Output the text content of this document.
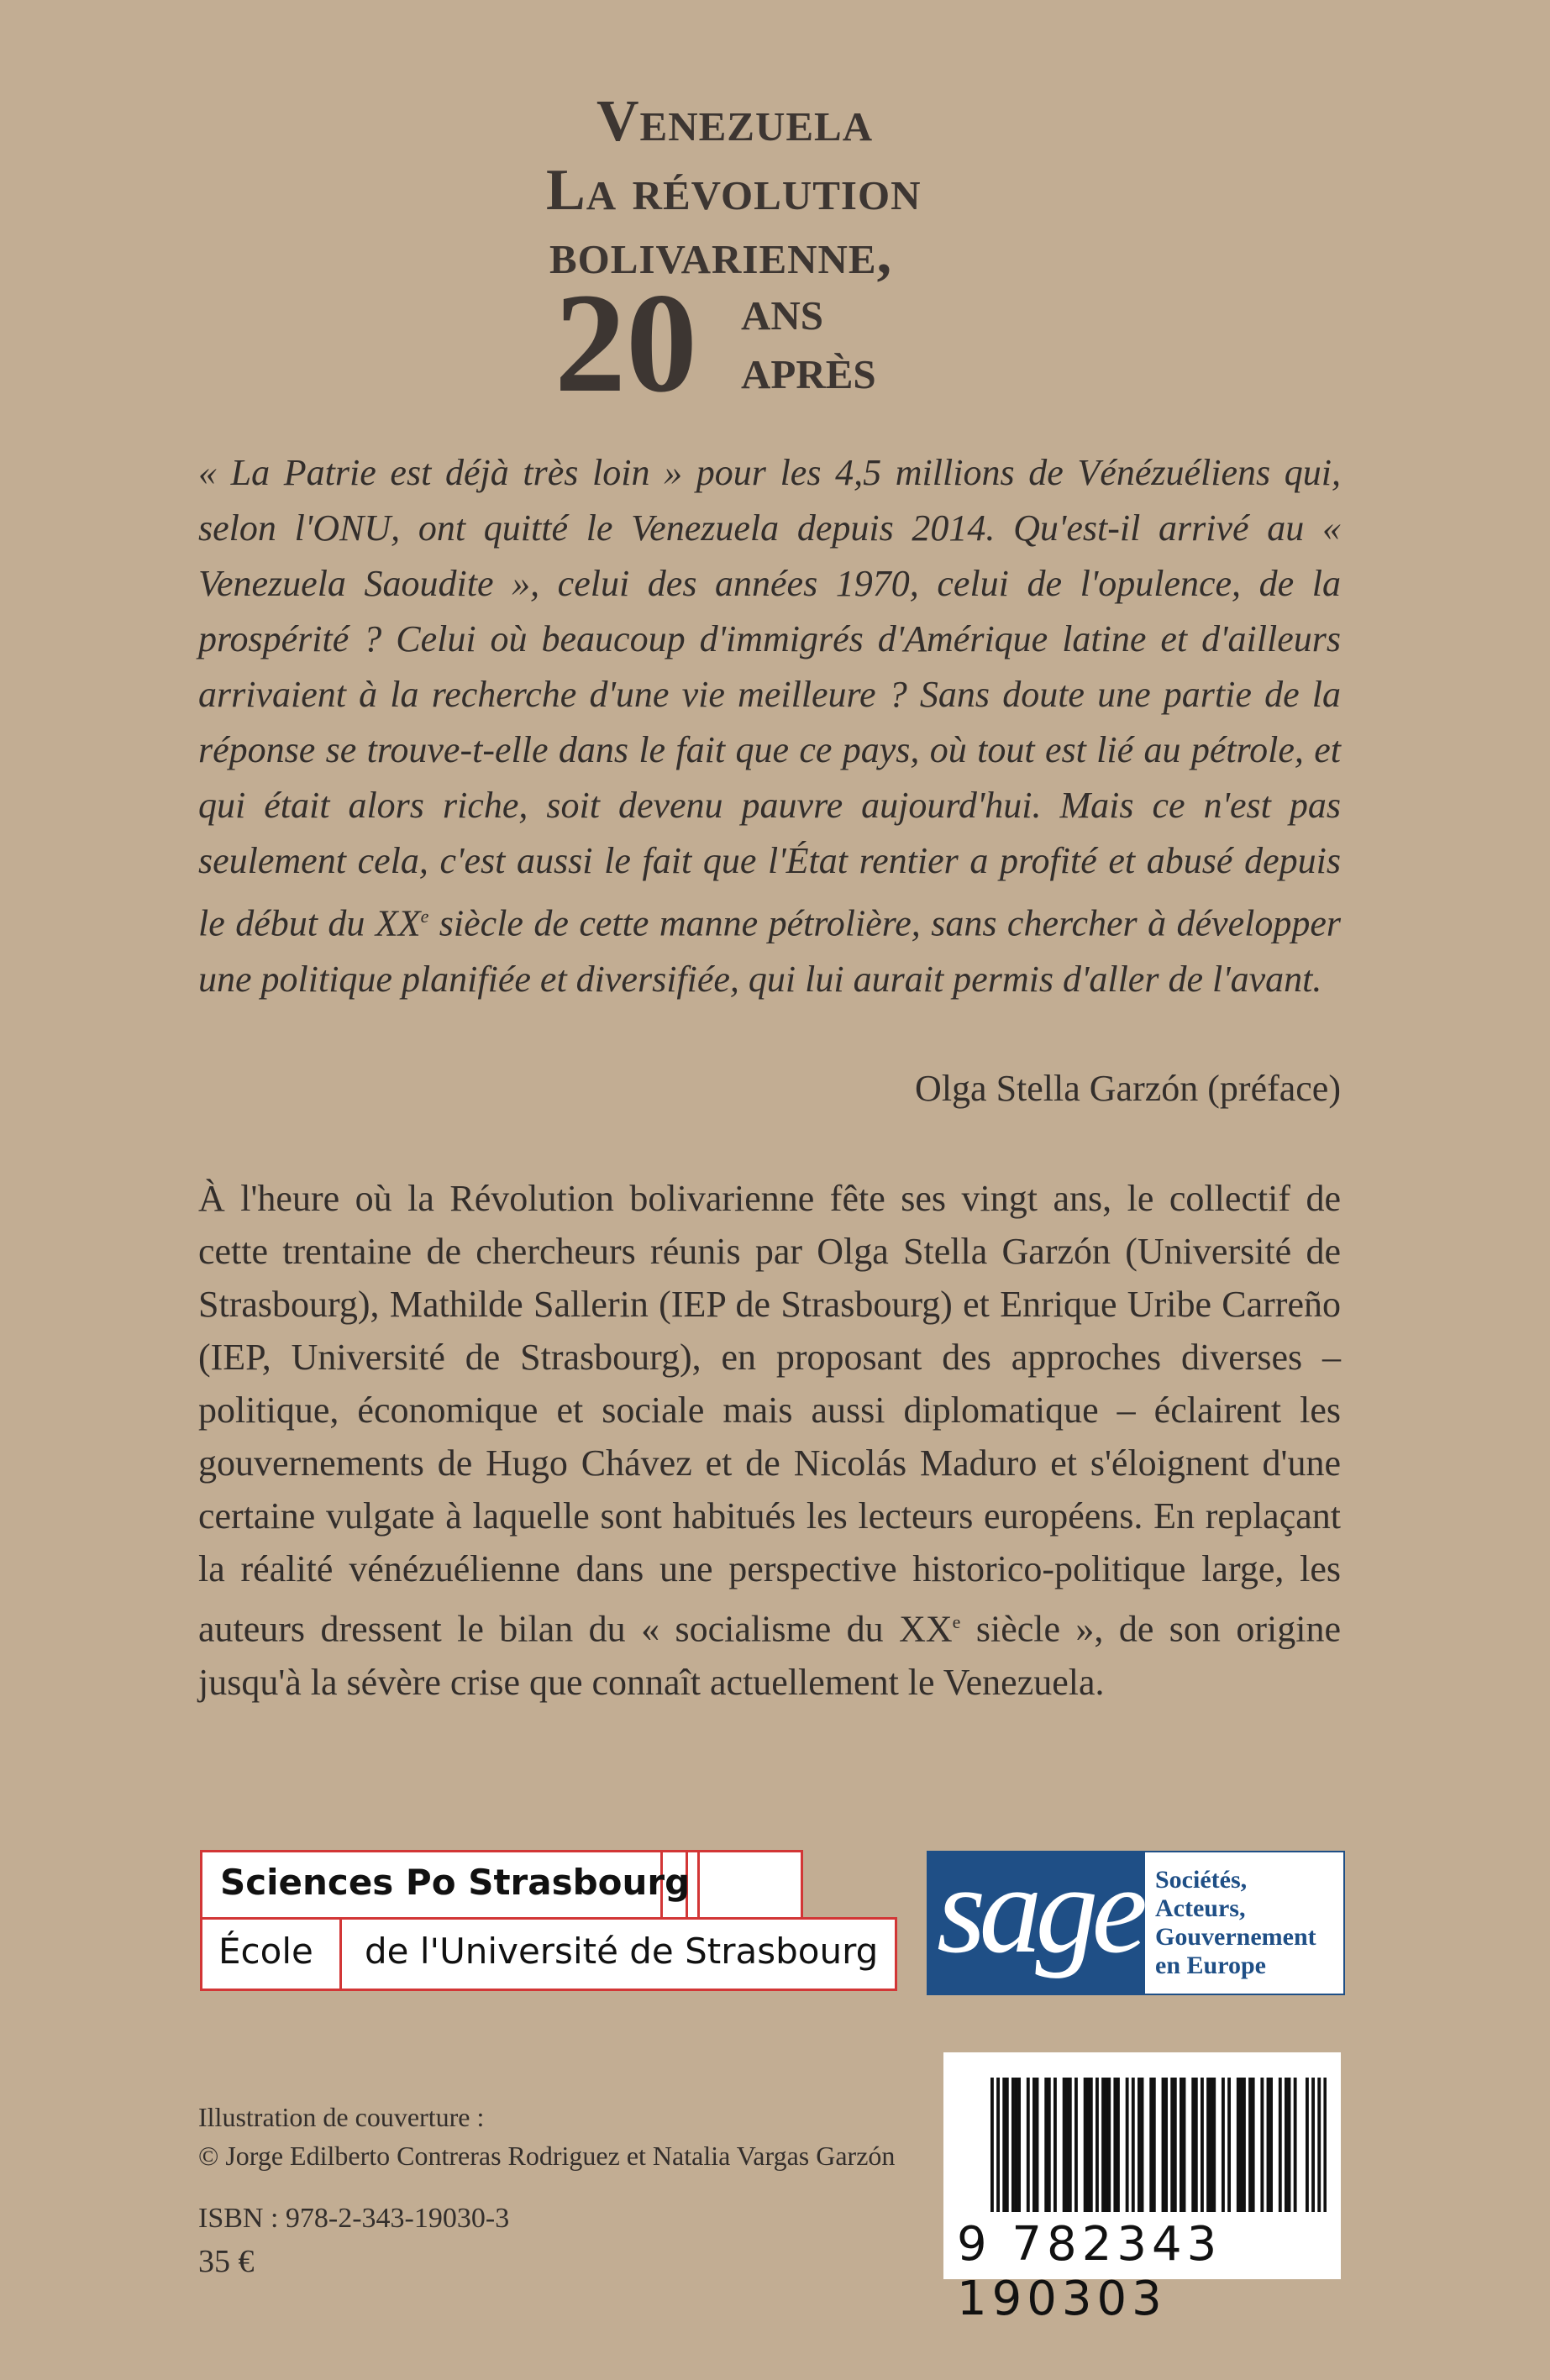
Venezuela
La révolution
bolivarienne,
20 ans
après
« La Patrie est déjà très loin » pour les 4,5 millions de Vénézuéliens qui, selon l'ONU, ont quitté le Venezuela depuis 2014. Qu'est-il arrivé au « Venezuela Saoudite », celui des années 1970, celui de l'opulence, de la prospérité ? Celui où beaucoup d'immigrés d'Amérique latine et d'ailleurs arrivaient à la recherche d'une vie meilleure ? Sans doute une partie de la réponse se trouve-t-elle dans le fait que ce pays, où tout est lié au pétrole, et qui était alors riche, soit devenu pauvre aujourd'hui. Mais ce n'est pas seulement cela, c'est aussi le fait que l'État rentier a profité et abusé depuis le début du XXe siècle de cette manne pétrolière, sans chercher à développer une politique planifiée et diversifiée, qui lui aurait permis d'aller de l'avant.
Olga Stella Garzón (préface)
À l'heure où la Révolution bolivarienne fête ses vingt ans, le collectif de cette trentaine de chercheurs réunis par Olga Stella Garzón (Université de Strasbourg), Mathilde Sallerin (IEP de Strasbourg) et Enrique Uribe Carreño (IEP, Université de Strasbourg), en proposant des approches diverses – politique, économique et sociale mais aussi diplomatique – éclairent les gouvernements de Hugo Chávez et de Nicolás Maduro et s'éloignent d'une certaine vulgate à laquelle sont habitués les lecteurs européens. En replaçant la réalité vénézuélienne dans une perspective historico-politique large, les auteurs dressent le bilan du « socialisme du XXe siècle », de son origine jusqu'à la sévère crise que connaît actuellement le Venezuela.
Sciences Po Strasbourg
École de l'Université de Strasbourg sage Sociétés,
Acteurs,
Gouvernement
en Europe
Illustration de couverture :
© Jorge Edilberto Contreras Rodriguez et Natalia Vargas Garzón
ISBN : 978-2-343-19030-3
35 €	9 782343 190303
